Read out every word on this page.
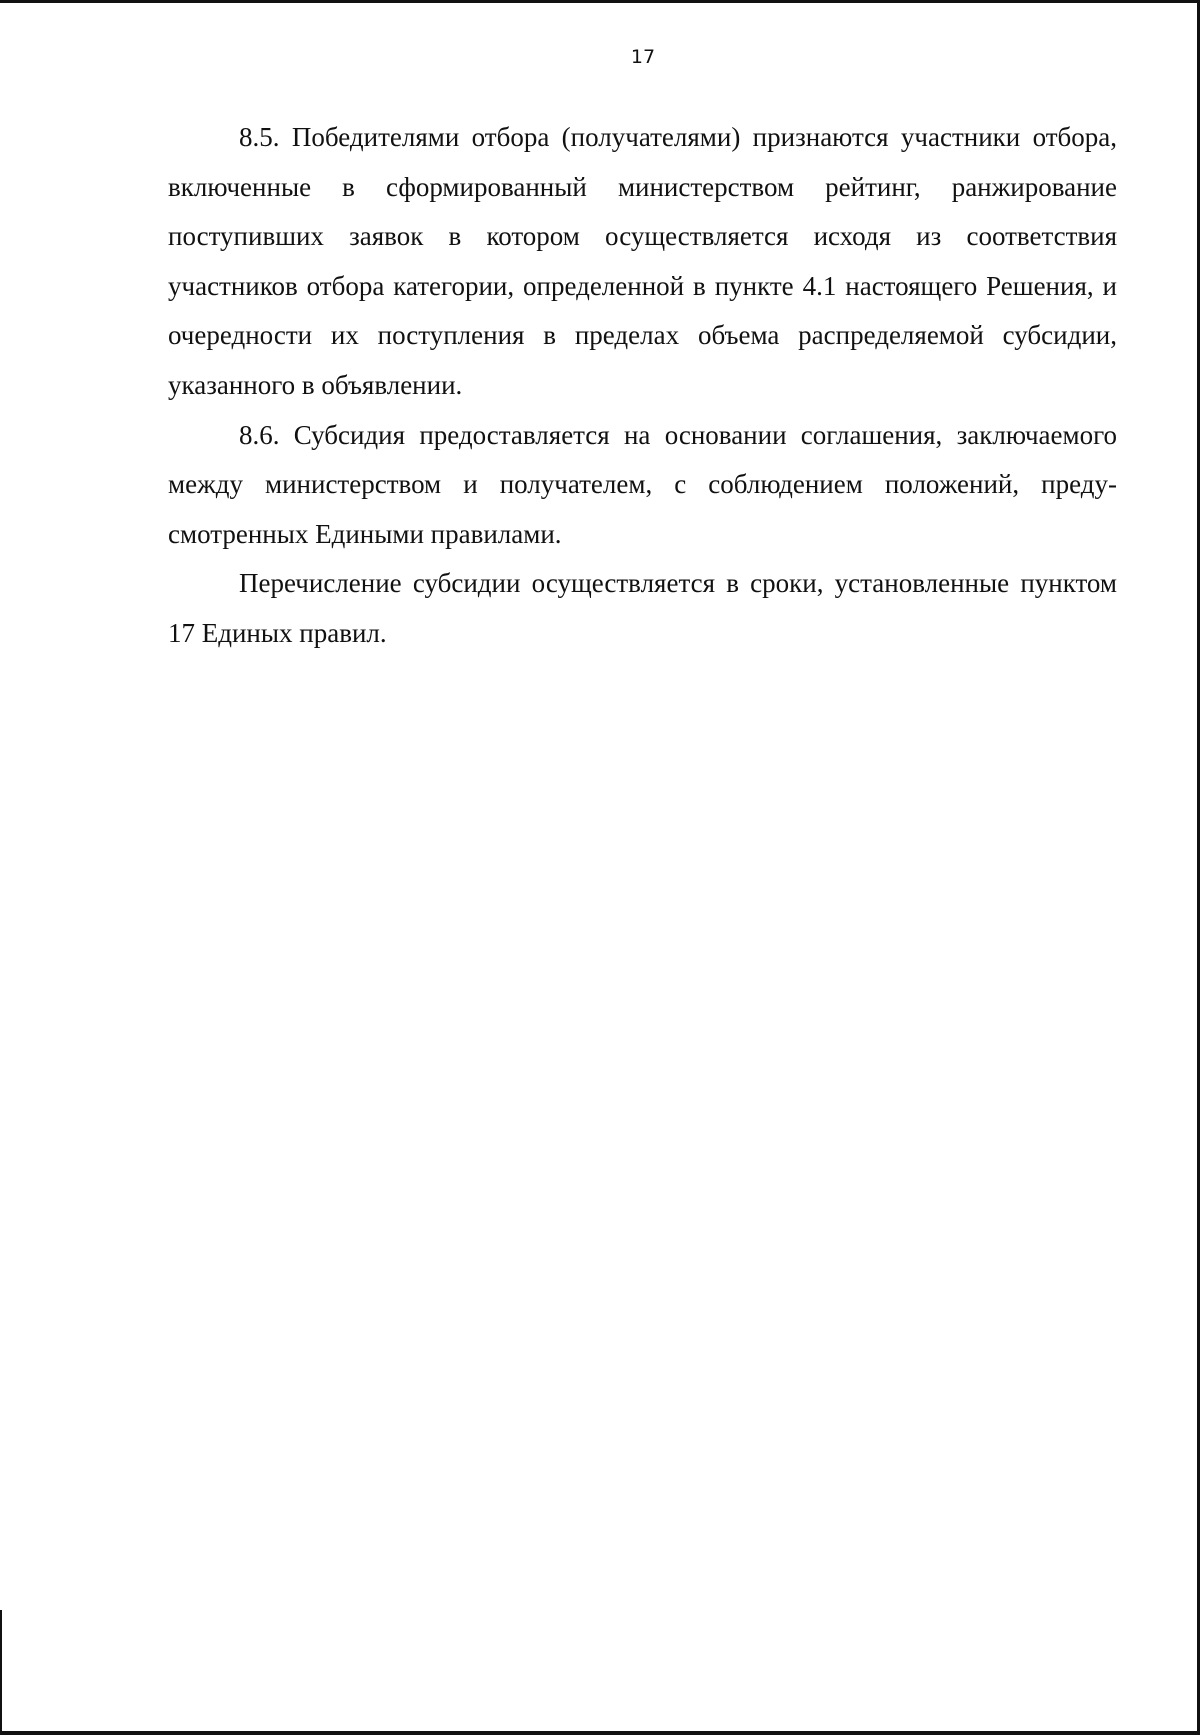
17

8.5. Победителями отбора (получателями) признаются участники отбора, включенные в сформированный министерством рейтинг, ранжирование поступивших заявок в котором осуществляется исходя из соответствия участников отбора категории, определенной в пункте 4.1 настоящего Решения, и очередности их поступления в пределах объема распределяемой субсидии, указанного в объявлении.

8.6. Субсидия предоставляется на основании соглашения, заключаемого между министерством и получателем, с соблюдением положений, предусмотренных Едиными правилами.

Перечисление субсидии осуществляется в сроки, установленные пунктом 17 Единых правил.
